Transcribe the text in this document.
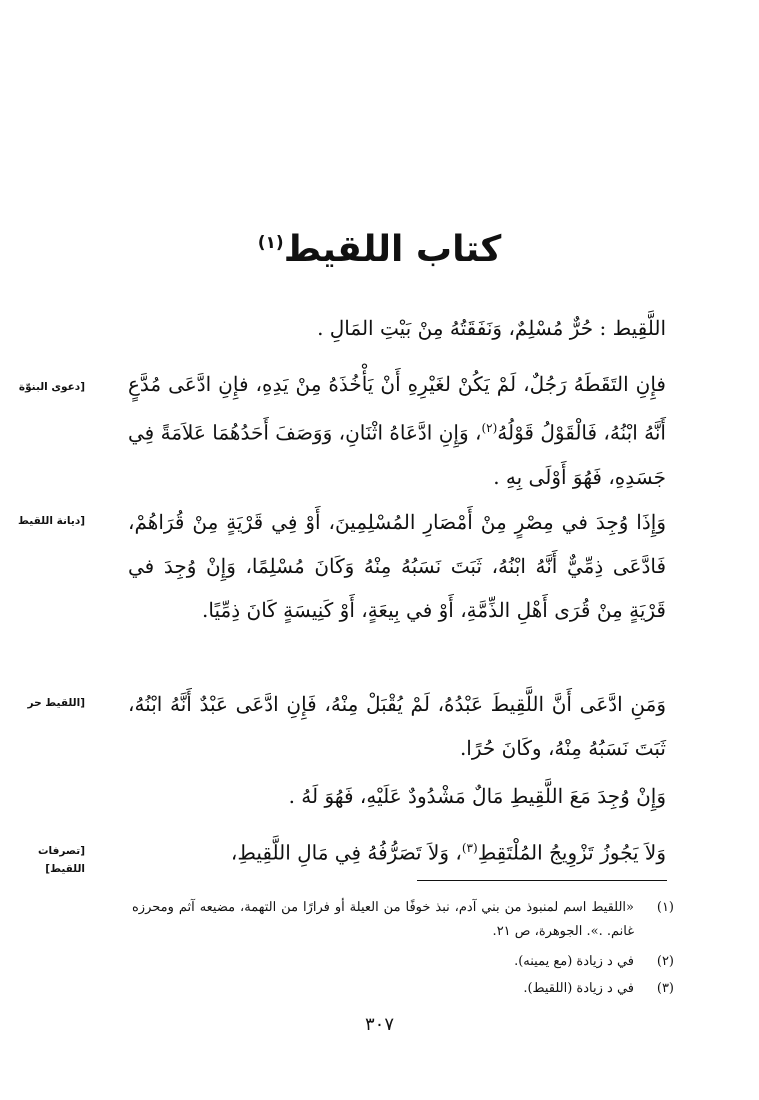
كتاب اللقيط$^{(١)}$

اللَّقِيط : حُرٌّ مُسْلِمٌ، وَنَفَقَتُهُ مِنْ بَيْتِ المَالِ .

فإِنِ التَقَطَهُ رَجُلٌ، لَمْ يَكُنْ لغَيْرِهِ أَنْ يَأْخُذَهُ مِنْ يَدِهِ، فإِنِ ادَّعَى مُدَّعٍ أَنَّهُ ابْنُهُ، فَالْقَوْلُ قَوْلُهُ$^{(٢)}$، وَإِنِ ادَّعَاهُ اثْنَانِ، وَوَصَفَ أَحَدُهُمَا عَلاَمَةً فِي جَسَدِهِ، فَهُوَ أَوْلَى بِهِ .

وَإِذَا وُجِدَ في مِصْرٍ مِنْ أَمْصَارِ المُسْلِمِينَ، أَوْ فِي قَرْيَةٍ مِنْ قُرَاهُمْ، فَادَّعَى ذِمِّيٌّ أَنَّهُ ابْنُهُ، ثَبَتَ نَسَبُهُ مِنْهُ وَكَانَ مُسْلِمًا، وَإِنْ وُجِدَ في قَرْيَةٍ مِنْ قُرَى أَهْلِ الذِّمَّةِ، أَوْ في بِيعَةٍ، أَوْ كَنِيسَةٍ كَانَ ذِمِّيًا.

وَمَنِ ادَّعَى أَنَّ اللَّقِيطَ عَبْدُهُ، لَمْ يُقْبَلْ مِنْهُ، فَإِنِ ادَّعَى عَبْدٌ أَنَّهُ ابْنُهُ، ثَبَتَ نَسَبُهُ مِنْهُ، وكَانَ حُرًا.

وَإِنْ وُجِدَ مَعَ اللَّقِيطِ مَالٌ مَشْدُودٌ عَلَيْهِ، فَهُوَ لَهُ .

وَلاَ يَجُوزُ تَزْوِيجُ المُلْتَقِطِ$^{(٣)}$، وَلاَ تَصَرُّفُهُ فِي مَالِ اللَّقِيطِ،

[دعوى البنوّة
[ديانة اللقيط
[اللقيط حر
[تصرفات اللقيط]
(١)
«اللقيط اسم لمنبوذ من بني آدم، نبذ خوفًا من العيلة أو فرارًا من التهمة، مضيعه آثم ومحرزه غانم. .». الجوهرة، ص ٢١.
(٢)
في د زيادة (مع يمينه).
(٣)
في د زيادة (اللقيط).
٣٠٧
